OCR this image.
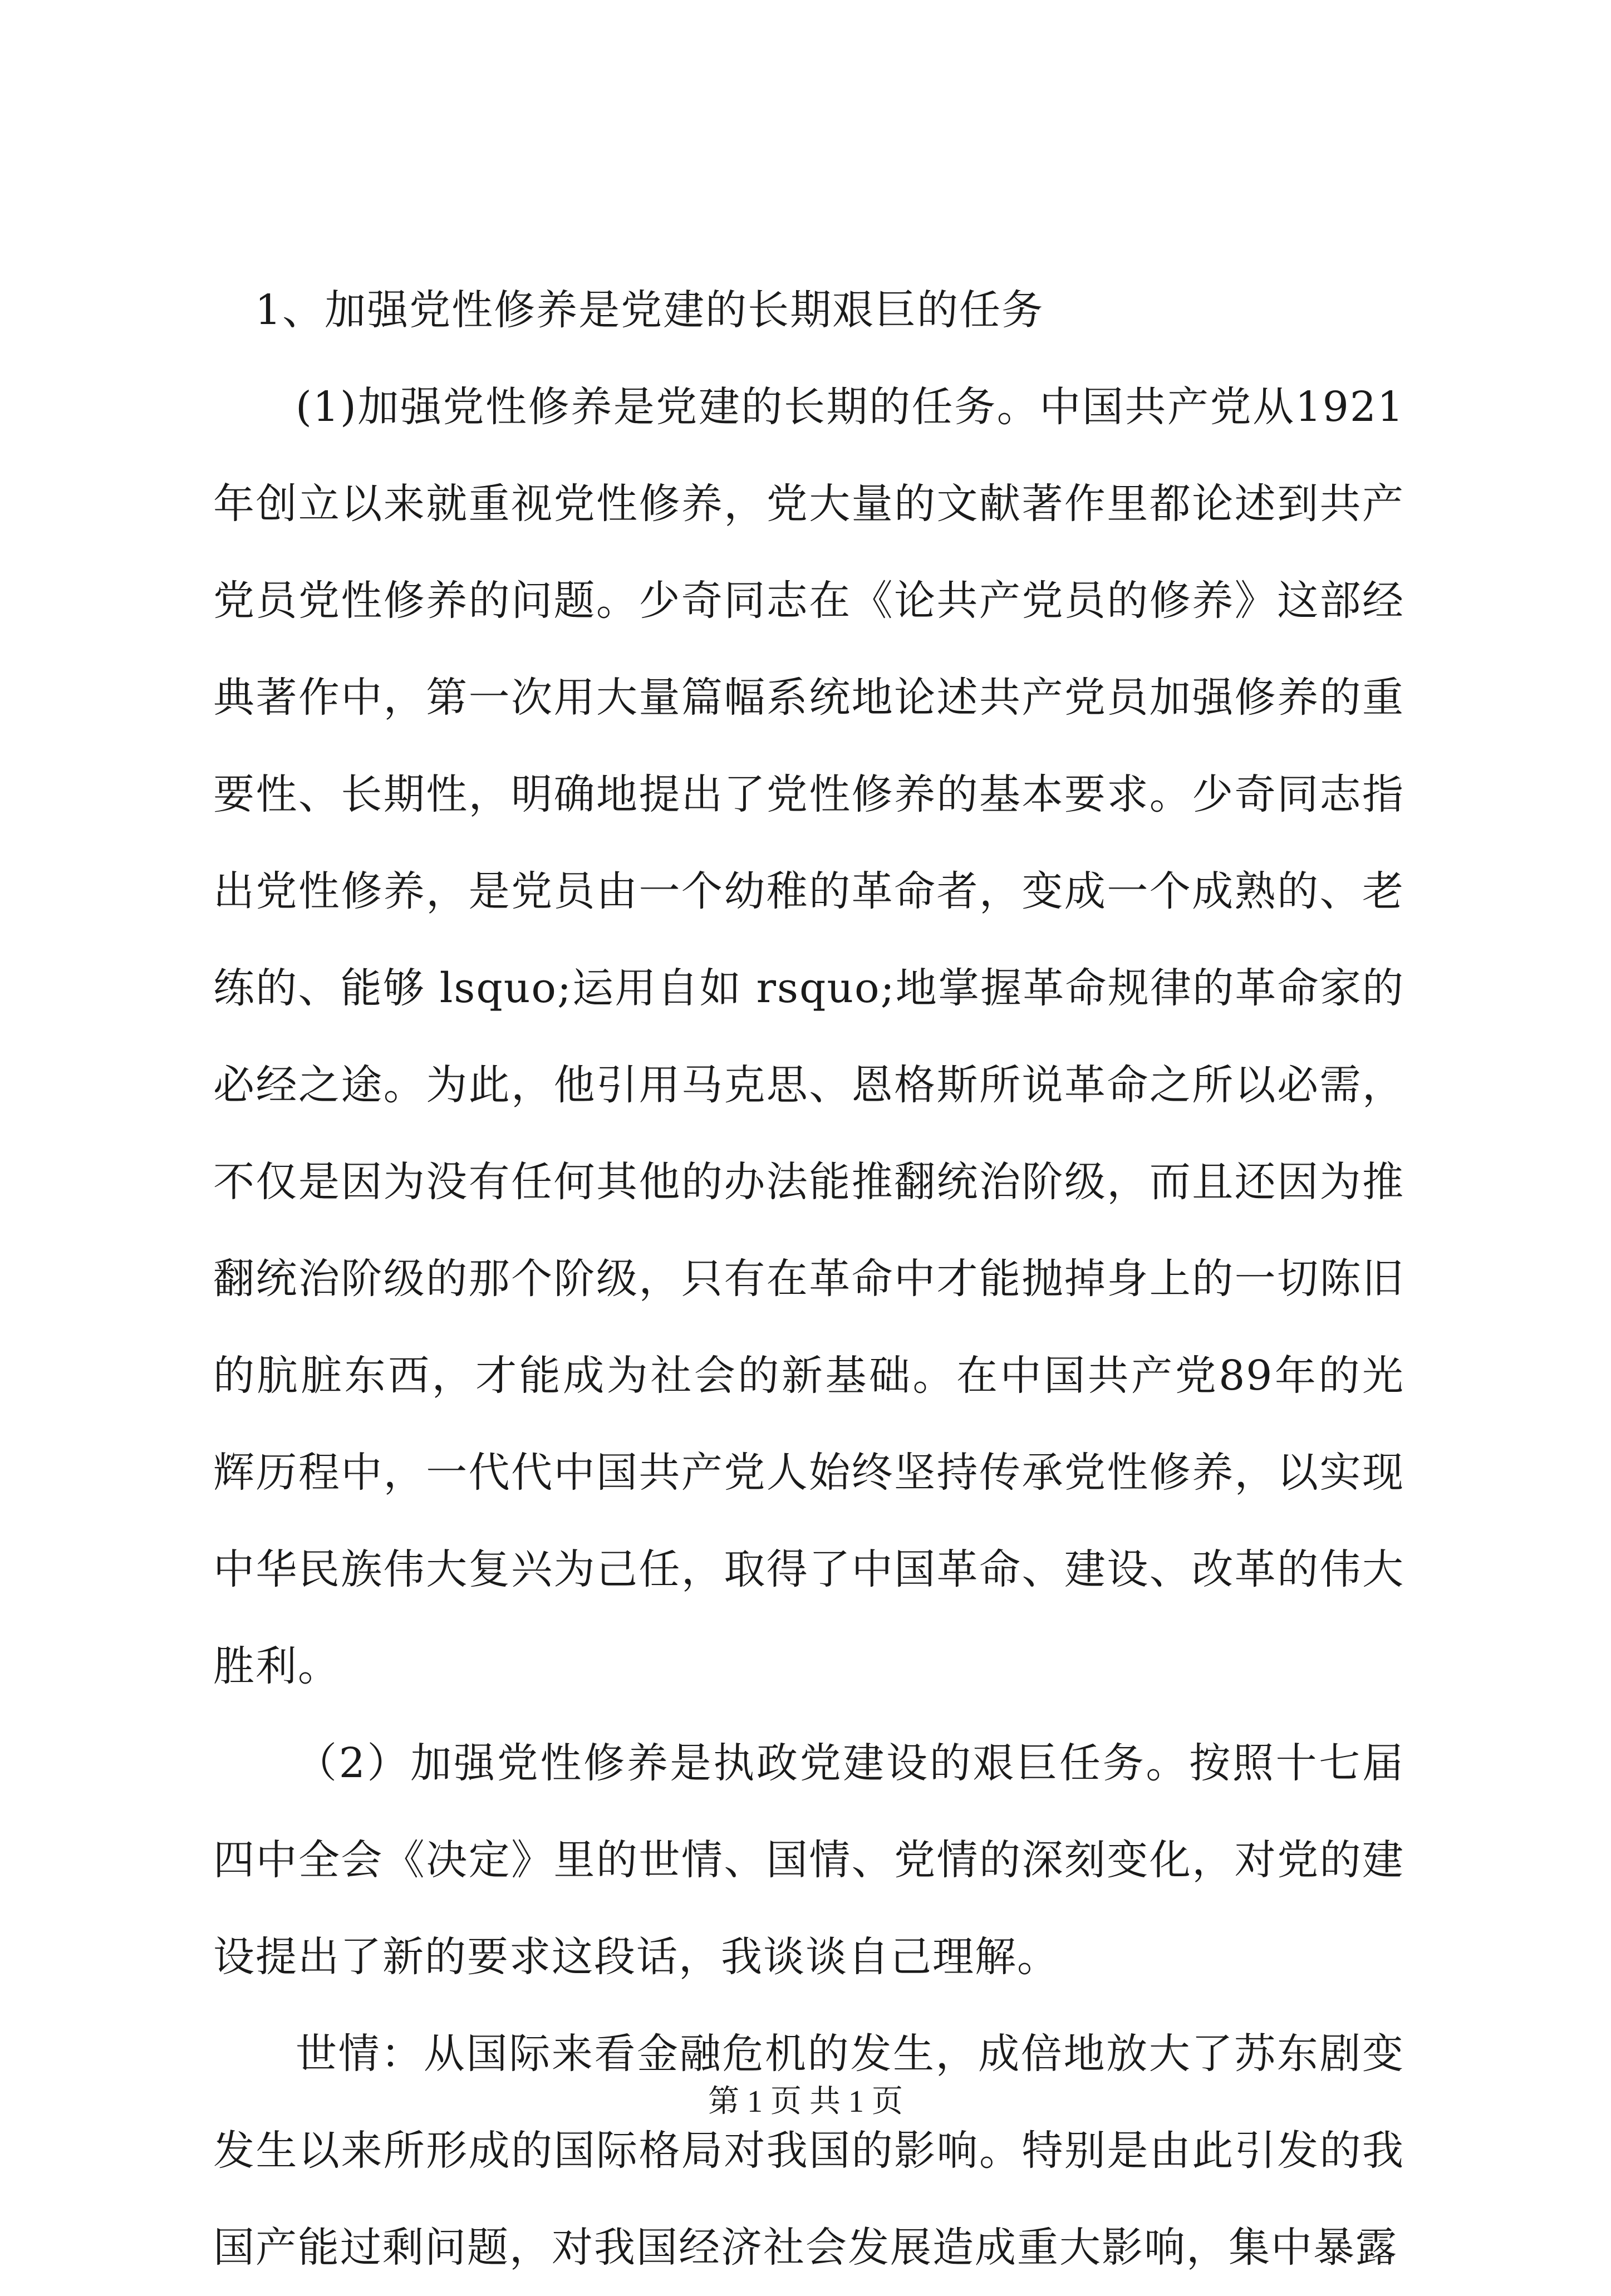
1、加强党性修养是党建的长期艰巨的任务

(1)加强党性修养是党建的长期的任务。中国共产党从1921年创立以来就重视党性修养，党大量的文献著作里都论述到共产党员党性修养的问题。少奇同志在《论共产党员的修养》这部经典著作中，第一次用大量篇幅系统地论述共产党员加强修养的重要性、长期性，明确地提出了党性修养的基本要求。少奇同志指出党性修养，是党员由一个幼稚的革命者，变成一个成熟的、老练的、能够 lsquo;运用自如 rsquo;地掌握革命规律的革命家的必经之途。为此，他引用马克思、恩格斯所说革命之所以必需，不仅是因为没有任何其他的办法能推翻统治阶级，而且还因为推翻统治阶级的那个阶级，只有在革命中才能抛掉身上的一切陈旧的肮脏东西，才能成为社会的新基础。在中国共产党89年的光辉历程中，一代代中国共产党人始终坚持传承党性修养，以实现中华民族伟大复兴为己任，取得了中国革命、建设、改革的伟大胜利。

（2）加强党性修养是执政党建设的艰巨任务。按照十七届四中全会《决定》里的世情、国情、党情的深刻变化，对党的建设提出了新的要求这段话，我谈谈自己理解。

世情：从国际来看金融危机的发生，成倍地放大了苏东剧变发生以来所形成的国际格局对我国的影响。特别是由此引发的我国产能过剩问题，对我国经济社会发展造成重大影响，集中暴露

第 1 页 共 1 页
